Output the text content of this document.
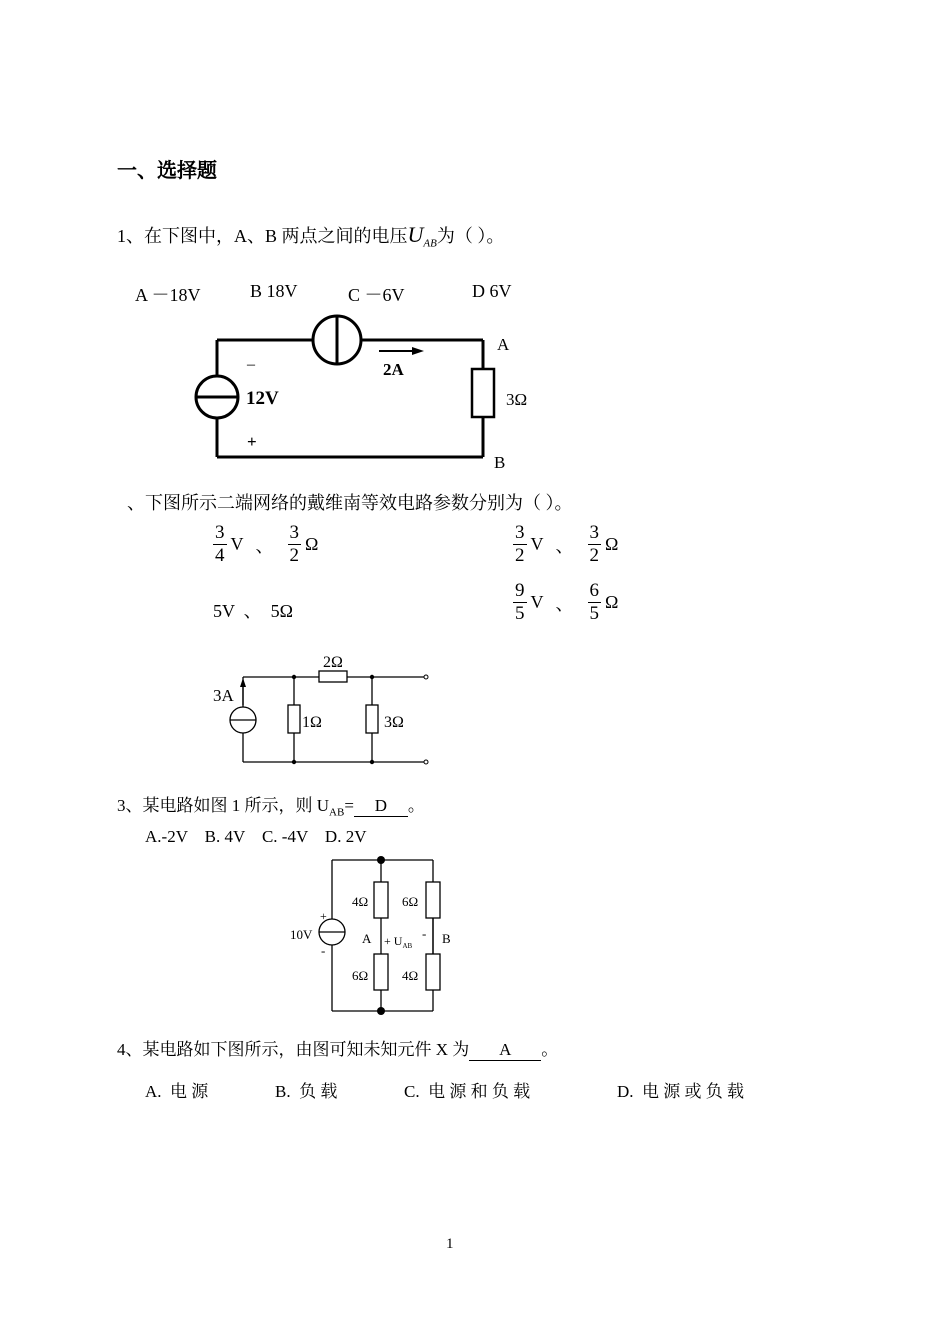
一、选择题
1、在下图中，A、B 两点之间的电压$U_{AB}$为（ ）。
A －18V	B 18V	C －6V	D 6V
–
+
12V
2A
3Ω
A
B
、下图所示二端网络的戴维南等效电路参数分别为（ ）。
$\frac{3}{4}$ V 、 $\frac{3}{2}$ Ω	$\frac{3}{2}$ V 、 $\frac{3}{2}$ Ω
5V  、  5Ω	$\frac{9}{5}$ V 、 $\frac{6}{5}$ Ω
3A
1Ω
2Ω
3Ω
3、某电路如图 1 所示，则 $U_{AB}= D$ 。
A.-2V    B. 4V    C. -4V    D. 2V
+
-
10V
4Ω	6Ω
6Ω	4Ω
$A + U_{AB}$
- B
4、某电路如下图所示，由图可知未知元件 X 为 A 。
A.  电 源	B.  负 载	C.  电 源 和 负 载	D.  电 源 或 负 载
1
